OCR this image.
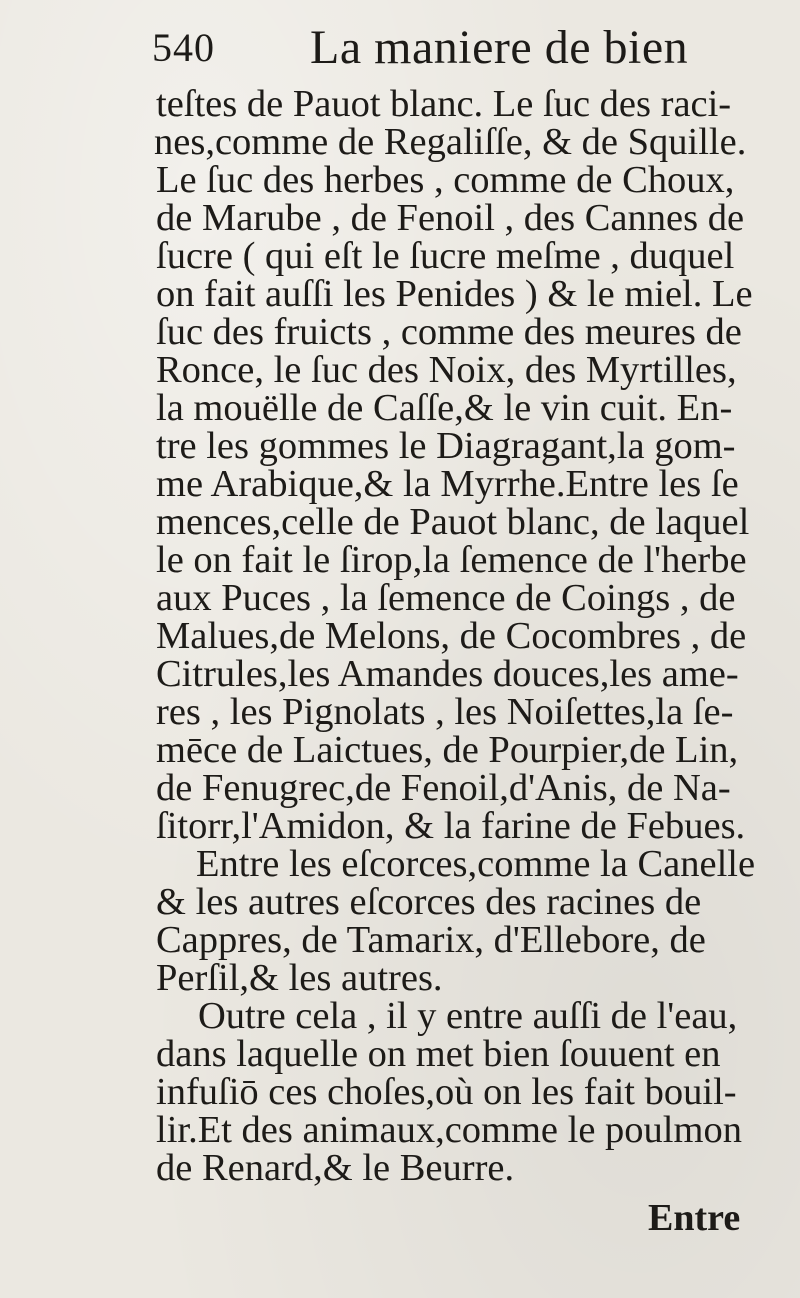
540 La maniere de bien
teſtes de Pauot blanc. Le ſuc des raci-
nes,comme de Regaliſſe, & de Squille.
Le ſuc des herbes , comme de Choux,
de Marube , de Fenoil , des Cannes de
ſucre ( qui eſt le ſucre meſme , duquel
on fait auſſi les Penides ) & le miel. Le
ſuc des fruicts , comme des meures de
Ronce, le ſuc des Noix, des Myrtilles,
la mouëlle de Caſſe,& le vin cuit. En-
tre les gommes le Diagragant,la gom-
me Arabique,& la Myrrhe.Entre les ſe
mences,celle de Pauot blanc, de laquel
le on fait le ſirop,la ſemence de l'herbe
aux Puces , la ſemence de Coings , de
Malues,de Melons, de Cocombres , de
Citrules,les Amandes douces,les ame-
res , les Pignolats , les Noiſettes,la ſe-
mēce de Laictues, de Pourpier,de Lin,
de Fenugrec,de Fenoil,d'Anis, de Na-
ſitorr,l'Amidon, & la farine de Febues.
Entre les eſcorces,comme la Canelle
& les autres eſcorces des racines de
Cappres, de Tamarix, d'Ellebore, de
Perſil,& les autres.
Outre cela , il y entre auſſi de l'eau,
dans laquelle on met bien ſouuent en
infuſiō ces choſes,où on les fait bouil-
lir.Et des animaux,comme le poulmon
de Renard,& le Beurre.
Entre
